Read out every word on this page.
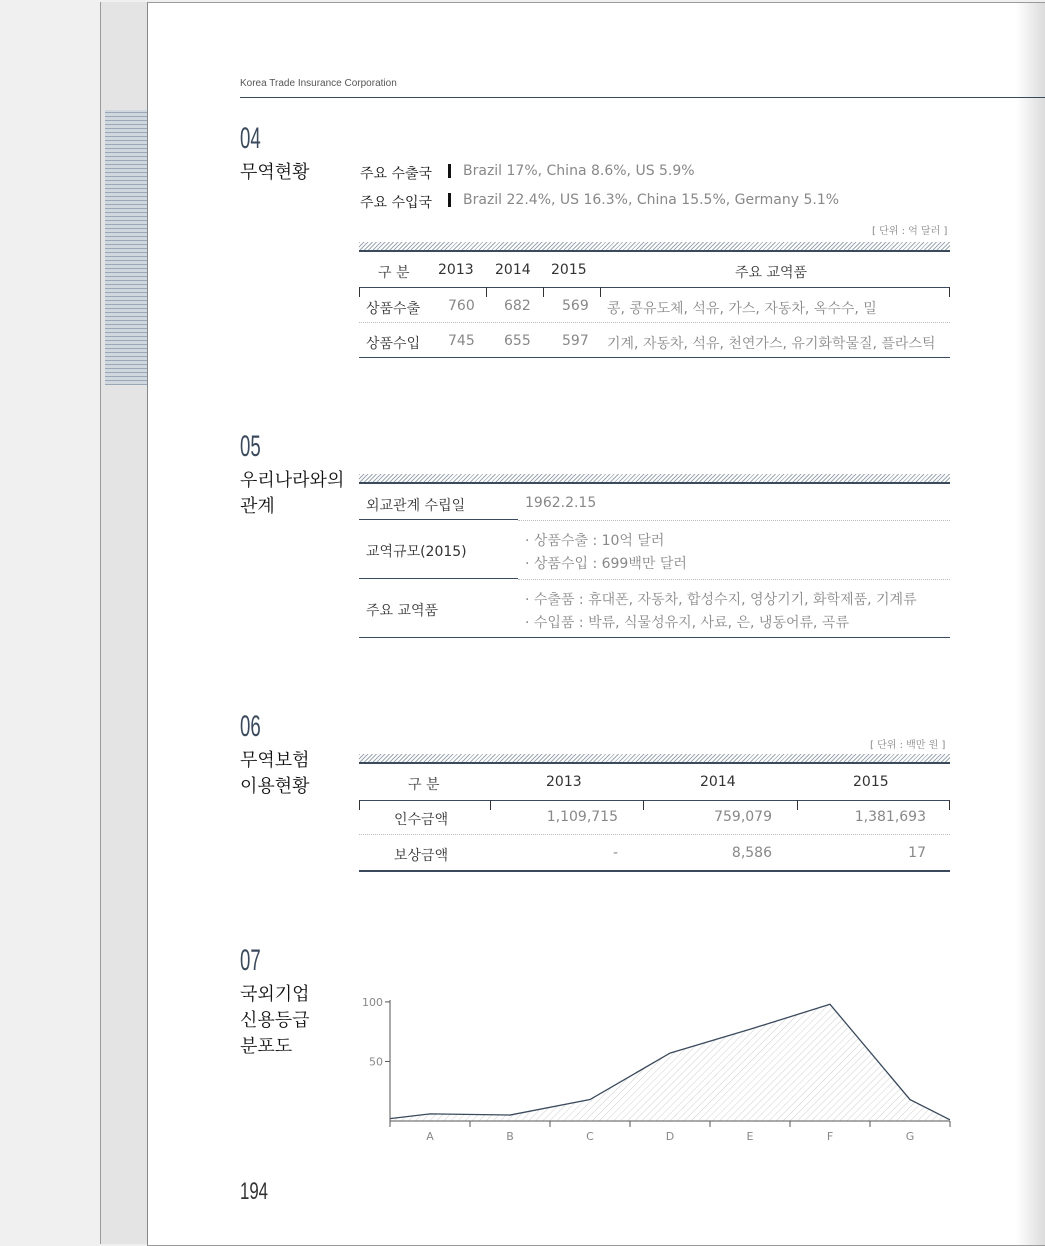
Korea Trade Insurance Corporation
04
무역현황	주요 수출국 Brazil 17%, China 8.6%, US 5.9%
주요 수입국 Brazil 22.4%, US 16.3%, China 15.5%, Germany 5.1%
[ 단위 : 억 달러 ]
구 분 2013 2014 2015	주요 교역품
상품수출 760 682 569 콩, 콩유도체, 석유, 가스, 자동차, 옥수수, 밀
상품수입 745 655 597 기계, 자동차, 석유, 천연가스, 유기화학물질, 플라스틱
05
우리나라와의
관계	외교관계 수립일	1962.2.15
교역규모(2015)
· 상품수출 : 10억 달러
· 상품수입 : 699백만 달러
주요 교역품
· 수출품 : 휴대폰, 자동차, 합성수지, 영상기기, 화학제품, 기계류
· 수입품 : 박류, 식물성유지, 사료, 은, 냉동어류, 곡류
06
무역보험
이용현황
[ 단위 : 백만 원 ]
구 분	2013	2014	2015
인수금액	1,109,715	759,079	1,381,693
보상금액	-	8,586	17
07
국외기업
신용등급
분포도
50
100
A	B	C	D	E	F	G
194
